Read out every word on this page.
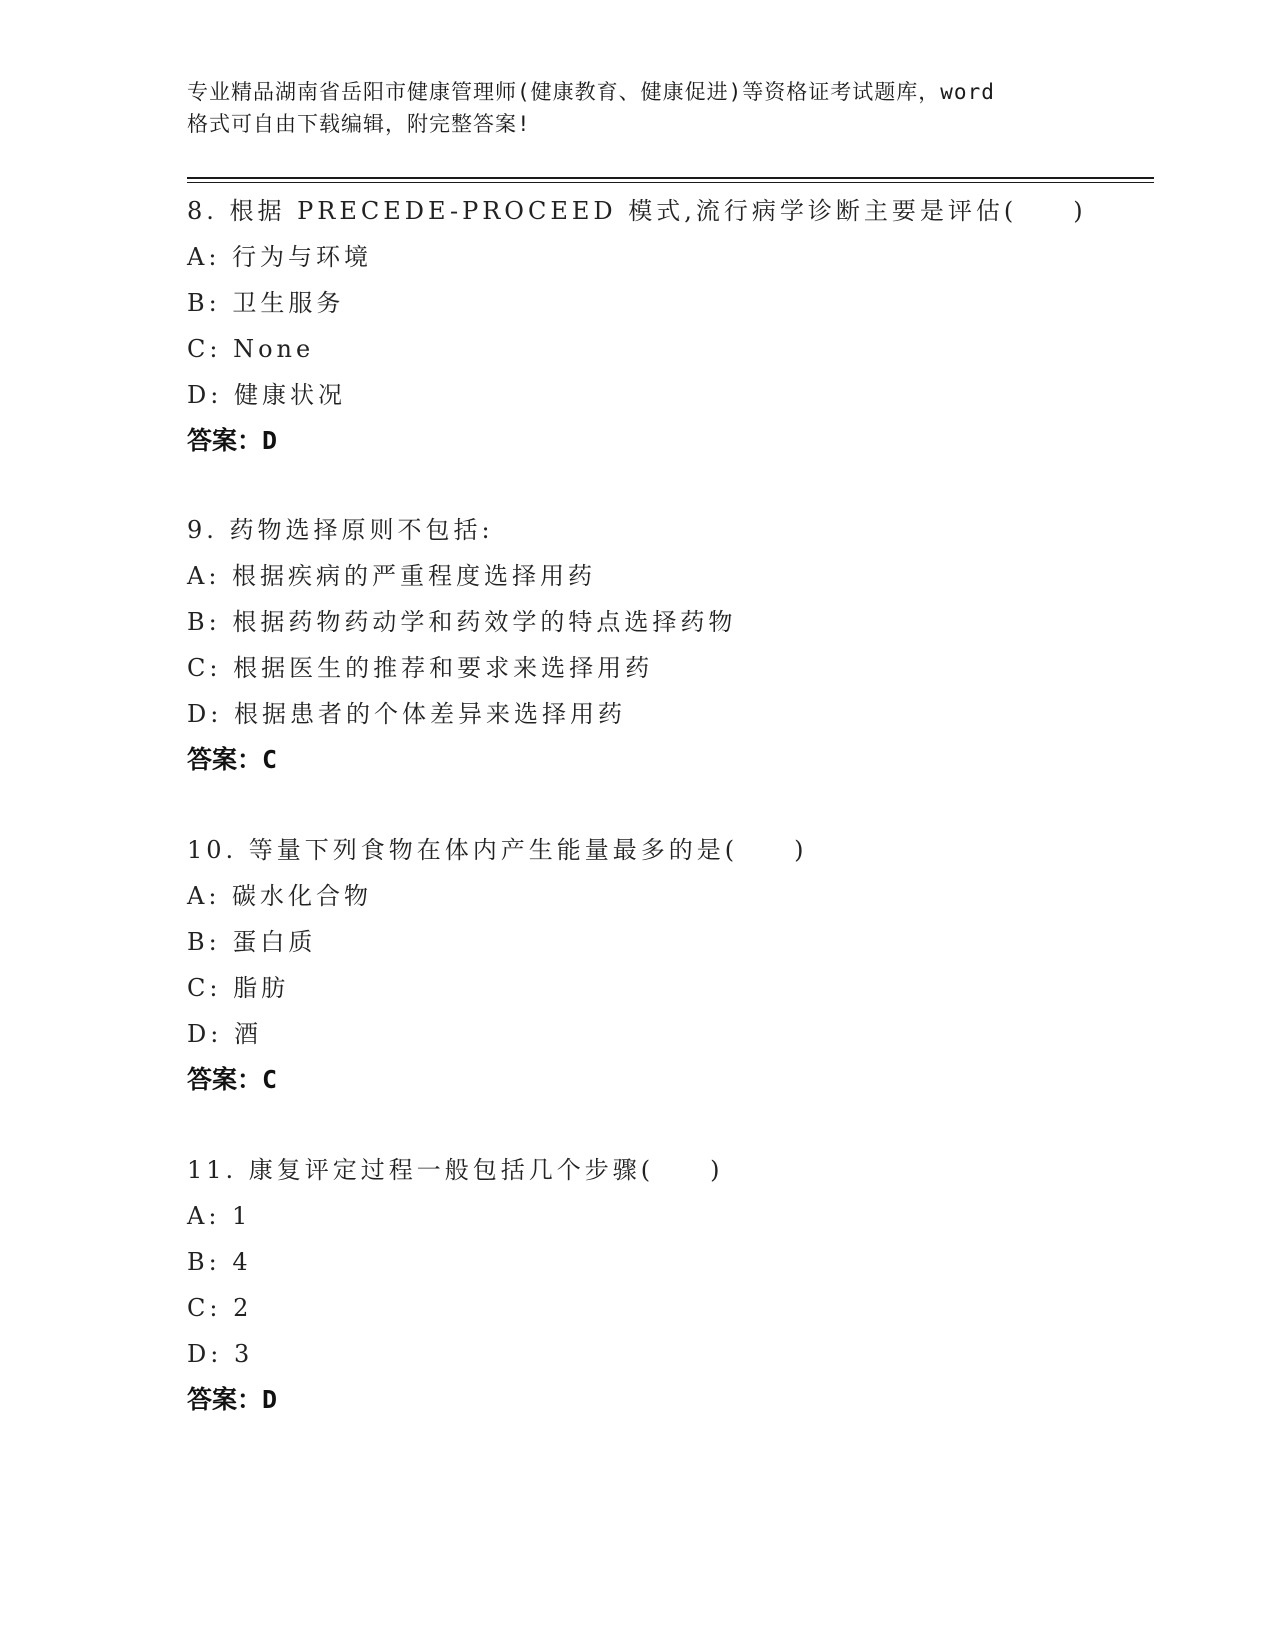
专业精品湖南省岳阳市健康管理师(健康教育、健康促进)等资格证考试题库，word
格式可自由下载编辑，附完整答案!
8. 根据 PRECEDE-PROCEED 模式,流行病学诊断主要是评估(　　)
A: 行为与环境
B: 卫生服务
C: None
D: 健康状况
答案：D
9. 药物选择原则不包括:
A: 根据疾病的严重程度选择用药
B: 根据药物药动学和药效学的特点选择药物
C: 根据医生的推荐和要求来选择用药
D: 根据患者的个体差异来选择用药
答案：C
10. 等量下列食物在体内产生能量最多的是(　　)
A: 碳水化合物
B: 蛋白质
C: 脂肪
D: 酒
答案：C
11. 康复评定过程一般包括几个步骤(　　)
A: 1
B: 4
C: 2
D: 3
答案：D
